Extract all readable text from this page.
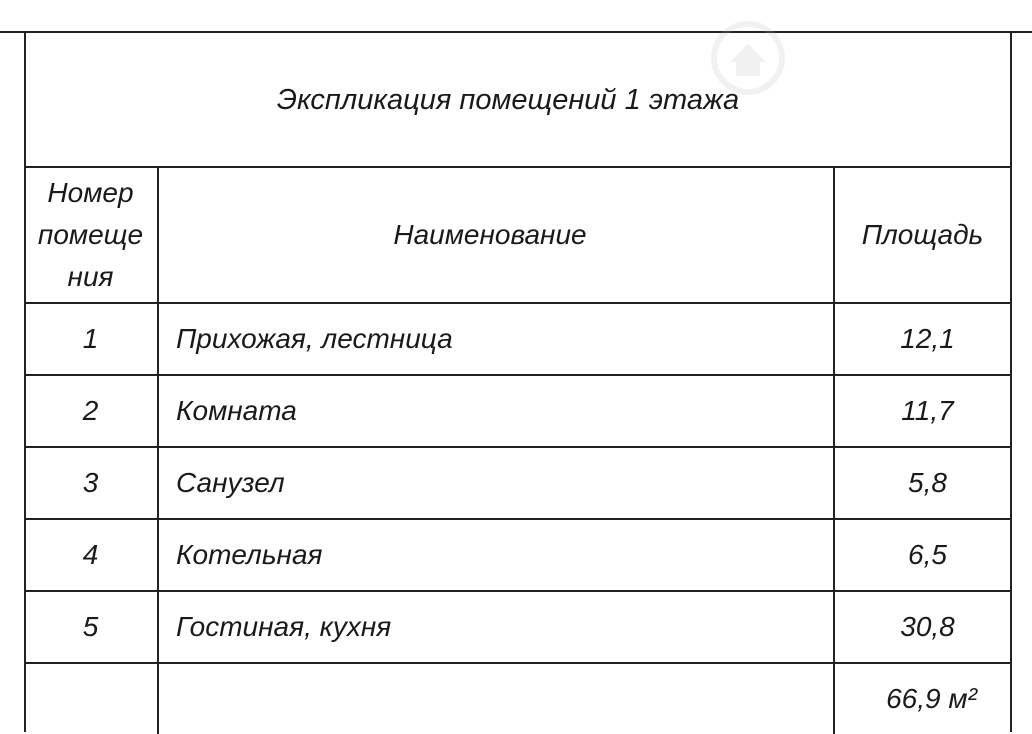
Экспликация помещений 1 этажа
Номер
помеще
ния	Наименование	Площадь
1	Прихожая, лестница	12,1
2	Комната	11,7
3	Санузел	5,8
4	Котельная	6,5
5	Гостиная, кухня	30,8
		66,9 м²
